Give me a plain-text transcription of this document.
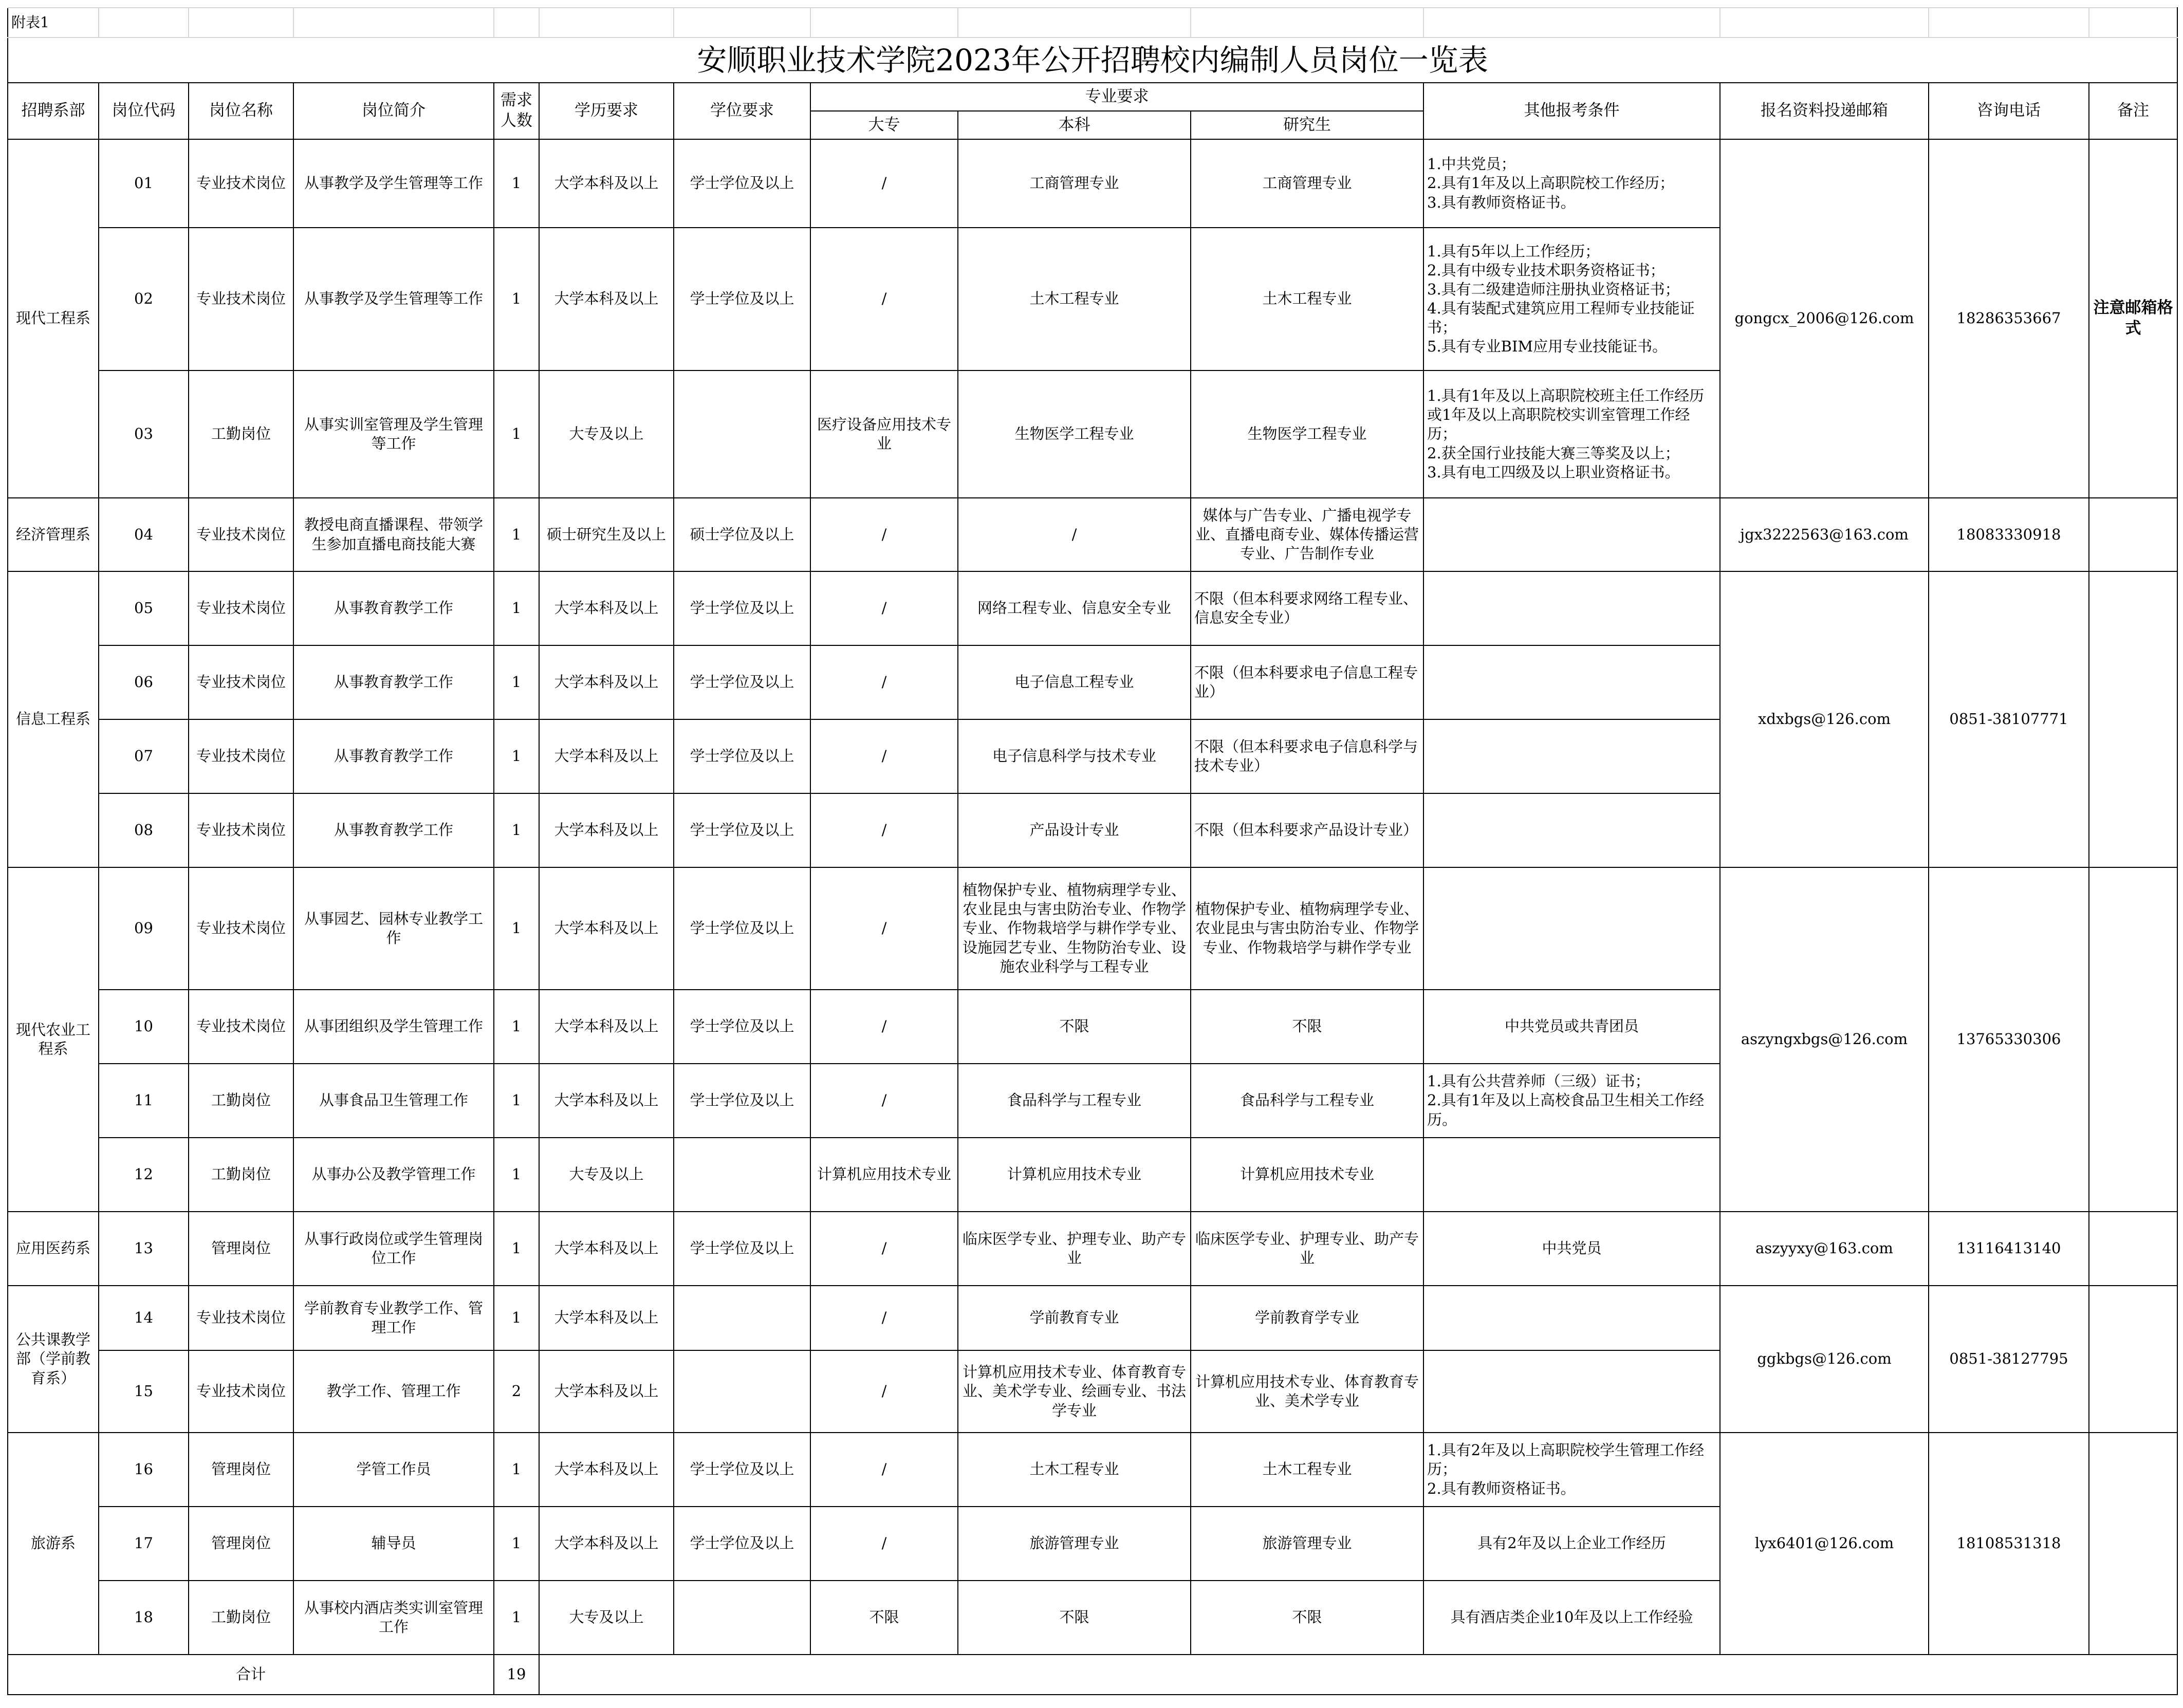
附表1													
安顺职业技术学院2023年公开招聘校内编制人员岗位一览表													
招聘系部	岗位代码	岗位名称	岗位简介	需求人数	学历要求	学位要求	专业要求			其他报考条件	报名资料投递邮箱	咨询电话	备注
							大专	本科	研究生				
现代工程系	01	专业技术岗位	从事教学及学生管理等工作	1	大学本科及以上	学士学位及以上	/	工商管理专业	工商管理专业	1.中共党员；
2.具有1年及以上高职院校工作经历；
3.具有教师资格证书。	gongcx_2006@126.com	18286353667	注意邮箱格式
	02	专业技术岗位	从事教学及学生管理等工作	1	大学本科及以上	学士学位及以上	/	土木工程专业	土木工程专业	1.具有5年以上工作经历；
2.具有中级专业技术职务资格证书；
3.具有二级建造师注册执业资格证书；
4.具有装配式建筑应用工程师专业技能证书；
5.具有专业BIM应用专业技能证书。			
	03	工勤岗位	从事实训室管理及学生管理等工作	1	大专及以上		医疗设备应用技术专业	生物医学工程专业	生物医学工程专业	1.具有1年及以上高职院校班主任工作经历或1年及以上高职院校实训室管理工作经历；
2.获全国行业技能大赛三等奖及以上；
3.具有电工四级及以上职业资格证书。			
经济管理系	04	专业技术岗位	教授电商直播课程、带领学生参加直播电商技能大赛	1	硕士研究生及以上	硕士学位及以上	/	/	媒体与广告专业、广播电视学专业、直播电商专业、媒体传播运营专业、广告制作专业		jgx3222563@163.com	18083330918	
信息工程系	05	专业技术岗位	从事教育教学工作	1	大学本科及以上	学士学位及以上	/	网络工程专业、信息安全专业	不限（但本科要求网络工程专业、信息安全专业）		xdxbgs@126.com	0851-38107771	
	06	专业技术岗位	从事教育教学工作	1	大学本科及以上	学士学位及以上	/	电子信息工程专业	不限（但本科要求电子信息工程专业）				
	07	专业技术岗位	从事教育教学工作	1	大学本科及以上	学士学位及以上	/	电子信息科学与技术专业	不限（但本科要求电子信息科学与技术专业）				
	08	专业技术岗位	从事教育教学工作	1	大学本科及以上	学士学位及以上	/	产品设计专业	不限（但本科要求产品设计专业）				
现代农业工程系	09	专业技术岗位	从事园艺、园林专业教学工作	1	大学本科及以上	学士学位及以上	/	植物保护专业、植物病理学专业、农业昆虫与害虫防治专业、作物学专业、作物栽培学与耕作学专业、设施园艺专业、生物防治专业、设施农业科学与工程专业	植物保护专业、植物病理学专业、农业昆虫与害虫防治专业、作物学专业、作物栽培学与耕作学专业		aszyngxbgs@126.com	13765330306	
	10	专业技术岗位	从事团组织及学生管理工作	1	大学本科及以上	学士学位及以上	/	不限	不限	中共党员或共青团员			
	11	工勤岗位	从事食品卫生管理工作	1	大学本科及以上	学士学位及以上	/	食品科学与工程专业	食品科学与工程专业	1.具有公共营养师（三级）证书；
2.具有1年及以上高校食品卫生相关工作经历。			
	12	工勤岗位	从事办公及教学管理工作	1	大专及以上		计算机应用技术专业	计算机应用技术专业	计算机应用技术专业				
应用医药系	13	管理岗位	从事行政岗位或学生管理岗位工作	1	大学本科及以上	学士学位及以上	/	临床医学专业、护理专业、助产专业	临床医学专业、护理专业、助产专业	中共党员	aszyyxy@163.com	13116413140	
公共课教学部（学前教育系）	14	专业技术岗位	学前教育专业教学工作、管理工作	1	大学本科及以上		/	学前教育专业	学前教育学专业		ggkbgs@126.com	0851-38127795	
	15	专业技术岗位	教学工作、管理工作	2	大学本科及以上		/	计算机应用技术专业、体育教育专业、美术学专业、绘画专业、书法学专业	计算机应用技术专业、体育教育专业、美术学专业				
旅游系	16	管理岗位	学管工作员	1	大学本科及以上	学士学位及以上	/	土木工程专业	土木工程专业	1.具有2年及以上高职院校学生管理工作经历；
2.具有教师资格证书。	lyx6401@126.com	18108531318	
	17	管理岗位	辅导员	1	大学本科及以上	学士学位及以上	/	旅游管理专业	旅游管理专业	具有2年及以上企业工作经历			
	18	工勤岗位	从事校内酒店类实训室管理工作	1	大专及以上		不限	不限	不限	具有酒店类企业10年及以上工作经验			
合计				19									
